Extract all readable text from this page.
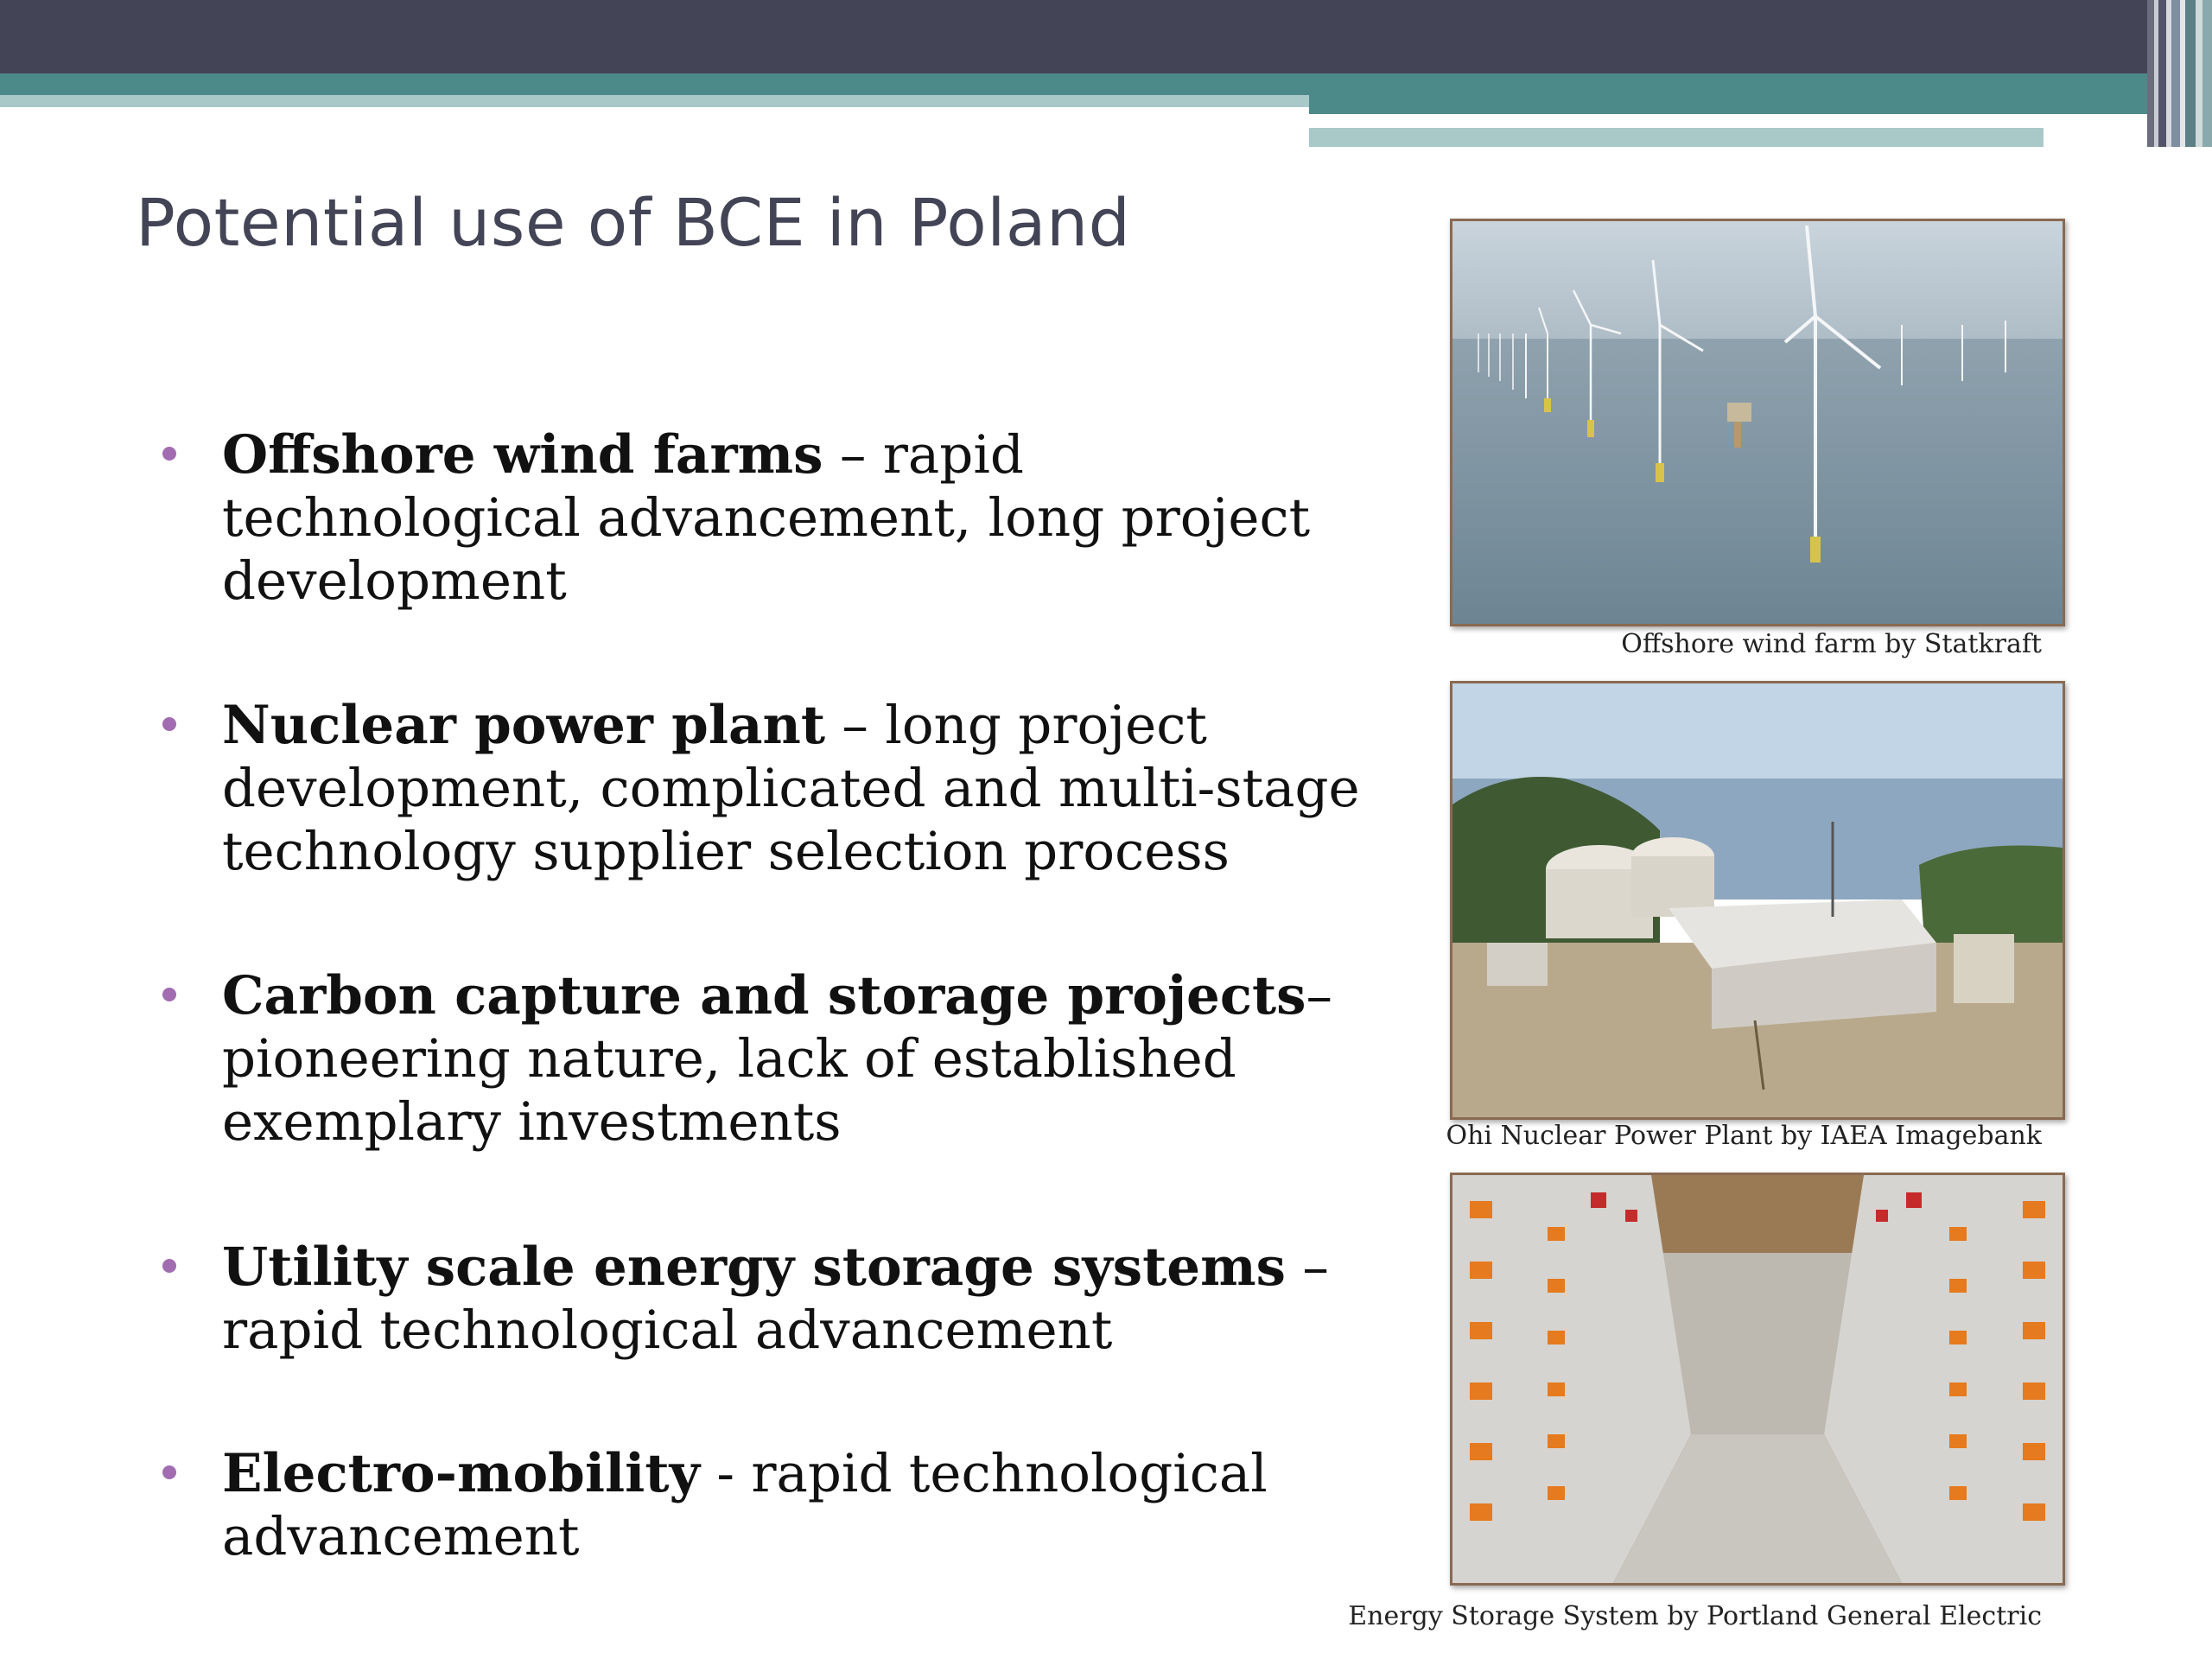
Potential use of BCE in Poland
Offshore wind farms – rapid technological advancement, long project development
Nuclear power plant – long project development, complicated and multi-stage technology supplier selection process
Carbon capture and storage projects– pioneering nature, lack of established exemplary investments
Utility scale energy storage systems – rapid technological advancement
Electro-mobility - rapid technological advancement
Offshore wind farm by Statkraft
Ohi Nuclear Power Plant by IAEA Imagebank
Energy Storage System by Portland General Electric
